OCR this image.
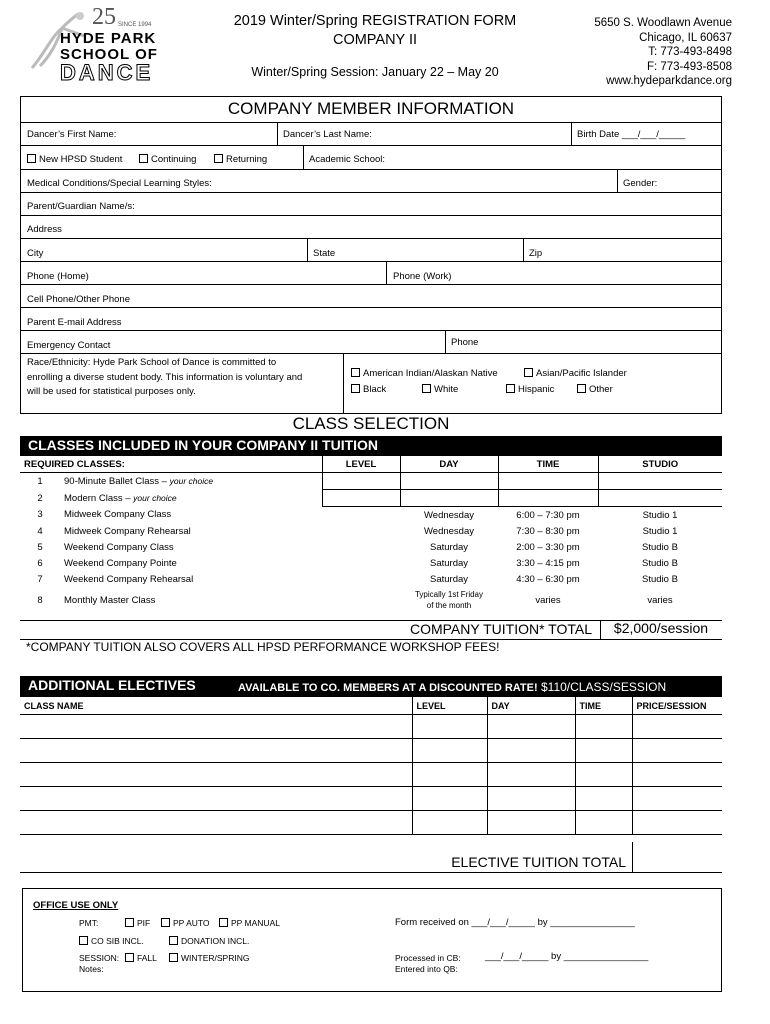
25 SINCE 1994
HYDE PARK
SCHOOL OF
DANCE
2019 Winter/Spring REGISTRATION FORM
COMPANY II
Winter/Spring Session: January 22 – May 20
5650 S. Woodlawn Avenue
Chicago, IL 60637
T: 773-493-8498
F: 773-493-8508
www.hydeparkdance.org
COMPANY MEMBER INFORMATION
Dancer’s First Name:	Dancer’s Last Name:	Birth Date ___/___/_____
New HPSD Student	Continuing	Returning	Academic School:
Medical Conditions/Special Learning Styles:	Gender:
Parent/Guardian Name/s:
Address
City	State	Zip
Phone (Home)	Phone (Work)
Cell Phone/Other Phone
Parent E-mail Address
Emergency Contact	Phone
Race/Ethnicity: Hyde Park School of Dance is committed to
enrolling a diverse student body. This information is voluntary and
will be used for statistical purposes only.
American Indian/Alaskan Native	Asian/Pacific Islander
Black	White	Hispanic	Other
CLASS SELECTION
CLASSES INCLUDED IN YOUR COMPANY II TUITION
REQUIRED CLASSES:		LEVEL	DAY	TIME	STUDIO
1	90-Minute Ballet Class – your choice				
2	Modern Class – your choice				
3	Midweek Company Class		Wednesday	6:00 – 7:30 pm	Studio 1
4	Midweek Company Rehearsal		Wednesday	7:30 – 8:30 pm	Studio 1
5	Weekend Company Class		Saturday	2:00 – 3:30 pm	Studio B
6	Weekend Company Pointe		Saturday	3:30 – 4:15 pm	Studio B
7	Weekend Company Rehearsal		Saturday	4:30 – 6:30 pm	Studio B
8	Monthly Master Class		Typically 1st Friday
of the month	varies	varies
COMPANY TUITION* TOTAL	$2,000/session
*COMPANY TUITION ALSO COVERS ALL HPSD PERFORMANCE WORKSHOP FEES!
ADDITIONAL ELECTIVES	AVAILABLE TO CO. MEMBERS AT A DISCOUNTED RATE! $110/CLASS/SESSION
CLASS NAME	LEVEL	DAY	TIME	PRICE/SESSION

ELECTIVE TUITION TOTAL
OFFICE USE ONLY
PMT:	PIF	PP AUTO	PP MANUAL
CO SIB INCL.	DONATION INCL.
SESSION:	FALL	WINTER/SPRING
Notes:
Form received on ___/___/_____ by ________________
Processed in CB:	___/___/_____ by ________________
Entered into QB:
